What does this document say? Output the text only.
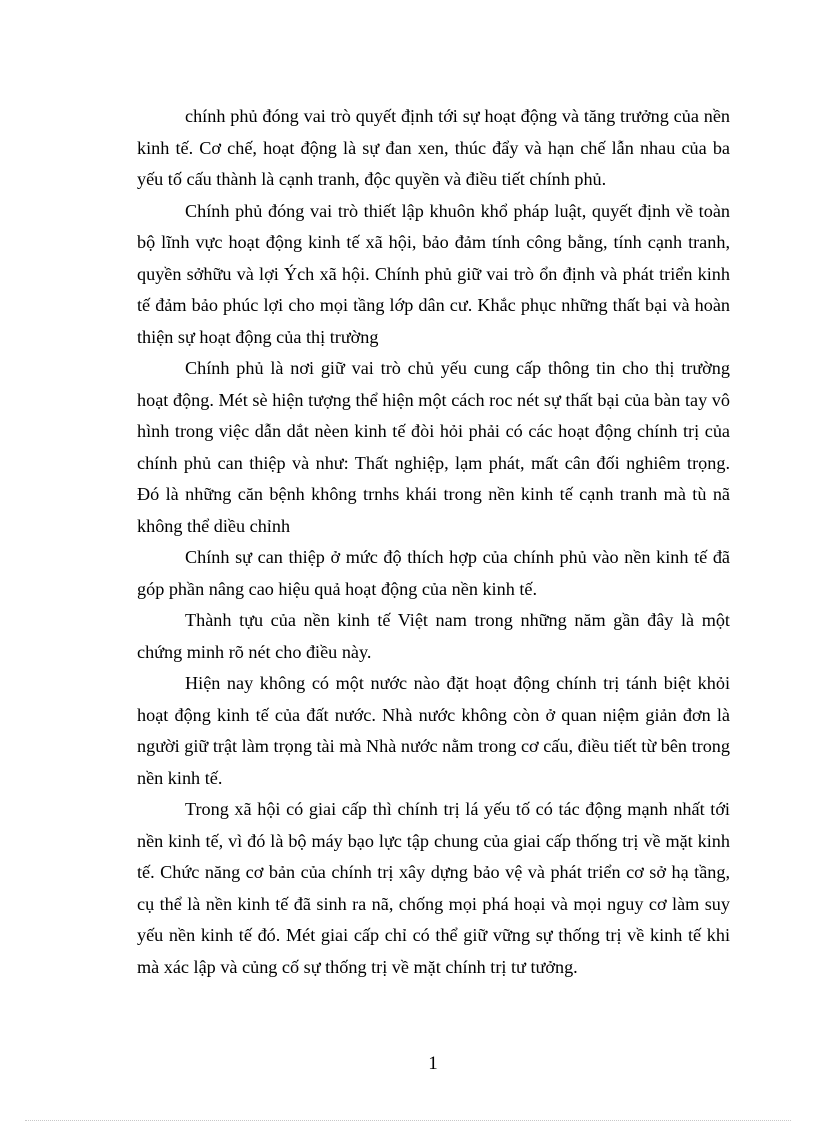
chính phủ đóng vai trò quyết định tới sự hoạt động và tăng trưởng của nền kinh tế. Cơ chế, hoạt động là sự đan xen, thúc đẩy và hạn chế lẫn nhau của ba yếu tố cấu thành là cạnh tranh, độc quyền và điều tiết chính phủ.

Chính phủ đóng vai trò thiết lập khuôn khổ pháp luật, quyết định về toàn bộ lĩnh vực hoạt động kinh tế xã hội, bảo đảm tính công bằng, tính cạnh tranh, quyền sởhữu và lợi Ých xã hội. Chính phủ giữ vai trò ổn định và phát triển kinh tế đảm bảo phúc lợi cho mọi tầng lớp dân cư. Khắc phục những thất bại và hoàn thiện sự hoạt động của thị trường

Chính phủ là nơi giữ vai trò chủ yếu cung cấp thông tin cho thị trường hoạt động. Mét sè hiện tượng thể hiện một cách roc nét sự thất bại của bàn tay vô hình trong việc dẫn dắt nèen kinh tế đòi hỏi phải có các hoạt động chính trị của chính phủ can thiệp và như: Thất nghiệp, lạm phát, mất cân đối nghiêm trọng. Đó là những căn bệnh không trnhs khái trong nền kinh tế cạnh tranh mà tù nã không thể diều chỉnh

Chính sự can thiệp ở mức độ thích hợp của chính phủ vào nền kinh tế đã góp phần nâng cao hiệu quả hoạt động của nền kinh tế.

Thành tựu của nền kinh tế Việt nam trong những năm gần đây là một chứng minh rõ nét cho điều này.

Hiện nay không có một nước nào đặt hoạt động chính trị tánh biệt khỏi hoạt động kinh tế của đất nước. Nhà nước không còn ở quan niệm giản đơn là người giữ trật làm trọng tài mà Nhà nước nằm trong cơ cấu, điều tiết từ bên trong nền kinh tế.

Trong xã hội có giai cấp thì chính trị lá yếu tố có tác động mạnh nhất tới nền kinh tế, vì đó là bộ máy bạo lực tập chung của giai cấp thống trị về mặt kinh tế. Chức năng cơ bản của chính trị xây dựng bảo vệ và phát triển cơ sở hạ tầng, cụ thể là nền kinh tế đã sinh ra nã, chống mọi phá hoại và mọi nguy cơ làm suy yếu nền kinh tế đó. Mét giai cấp chỉ có thể giữ vững sự thống trị về kinh tế khi mà xác lập và củng cố sự thống trị về mặt chính trị tư tưởng.

1
